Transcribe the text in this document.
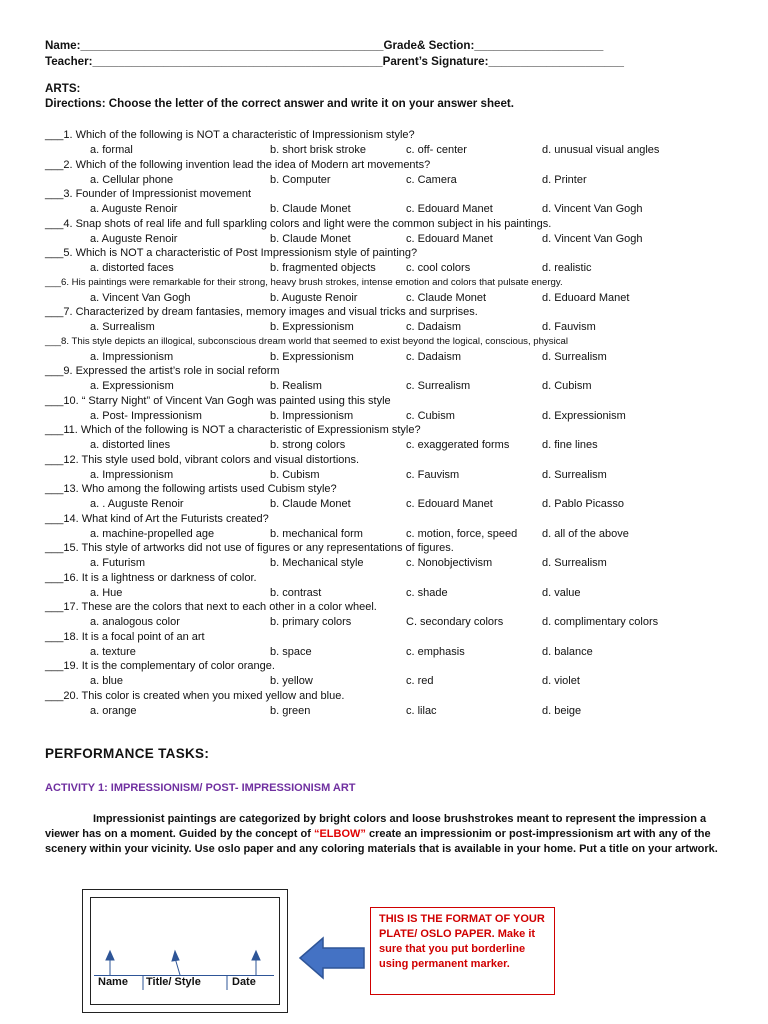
Name:_______________________________________________Grade& Section:____________________
Teacher:_____________________________________________Parent’s Signature:_____________________
ARTS:
Directions: Choose the letter of the correct answer and write it on your answer sheet.
___1. Which of the following is NOT a characteristic of Impressionism style?
a. formal	b. short brisk stroke	c. off- center	d. unusual visual angles
___2. Which of the following invention lead the idea of Modern art movements?
a. Cellular phone	b. Computer	c. Camera	d. Printer
___3. Founder of Impressionist movement
a. Auguste Renoir	b. Claude Monet	c. Edouard Manet	d. Vincent Van Gogh
___4. Snap shots of real life and full sparkling colors and light were the common subject in his paintings.
a. Auguste Renoir	b. Claude Monet	c. Edouard Manet	d. Vincent Van Gogh
___5. Which is NOT a characteristic of Post Impressionism style of painting?
a. distorted faces	b. fragmented objects	c. cool colors	d. realistic
___6. His paintings were remarkable for their strong, heavy brush strokes, intense emotion and colors that pulsate energy.
a. Vincent Van Gogh	b. Auguste Renoir	c. Claude Monet	d. Eduoard Manet
___7. Characterized by dream fantasies, memory images and visual tricks and surprises.
a. Surrealism	b. Expressionism	c. Dadaism	d. Fauvism
___8. This style depicts an illogical, subconscious dream world that seemed to exist beyond the logical, conscious, physical
a. Impressionism	b. Expressionism	c. Dadaism	d. Surrealism
___9. Expressed the artist’s role in social reform
a. Expressionism	b. Realism	c. Surrealism	d. Cubism
___10. “ Starry Night” of Vincent Van Gogh was painted using this style
a. Post- Impressionism	b. Impressionism	c. Cubism	d. Expressionism
___11. Which of the following is NOT a characteristic of Expressionism style?
a. distorted lines	b. strong colors	c. exaggerated forms	d. fine lines
___12. This style used bold, vibrant colors and visual distortions.
a. Impressionism	b. Cubism	c. Fauvism	d. Surrealism
___13. Who among the following artists used Cubism style?
a. . Auguste Renoir	b. Claude Monet	c. Edouard Manet	d. Pablo Picasso
___14. What kind of Art the Futurists created?
a. machine-propelled age	b. mechanical form	c. motion, force, speed d. all of the above
___15. This style of artworks did not use of figures or any representations of figures.
a. Futurism	b. Mechanical style	c. Nonobjectivism	d. Surrealism
___16. It is a lightness or darkness of color.
a. Hue	b. contrast	c. shade	d. value
___17. These are the colors that next to each other in a color wheel.
a. analogous color	b. primary colors	C. secondary colors	d. complimentary colors
___18. It is a focal point of an art
a. texture	b. space	c. emphasis	d. balance
___19. It is the complementary of color orange.
a. blue	b. yellow	c. red	d. violet
___20. This color is created when you mixed yellow and blue.
a. orange	b. green	c. lilac	d. beige
PERFORMANCE TASKS:
ACTIVITY 1: IMPRESSIONISM/ POST- IMPRESSIONISM ART
Impressionist paintings are categorized by bright colors and loose brushstrokes meant to represent the impression a viewer has on a moment. Guided by the concept of “ELBOW” create an impressionim or post-impressionism art with any of the scenery within your vicinity. Use oslo paper and any coloring materials that is available in your home. Put a title on your artwork.
Name Title/ Style	Date
THIS IS THE FORMAT OF YOUR PLATE/ OSLO PAPER. Make it sure that you put borderline using permanent marker.
